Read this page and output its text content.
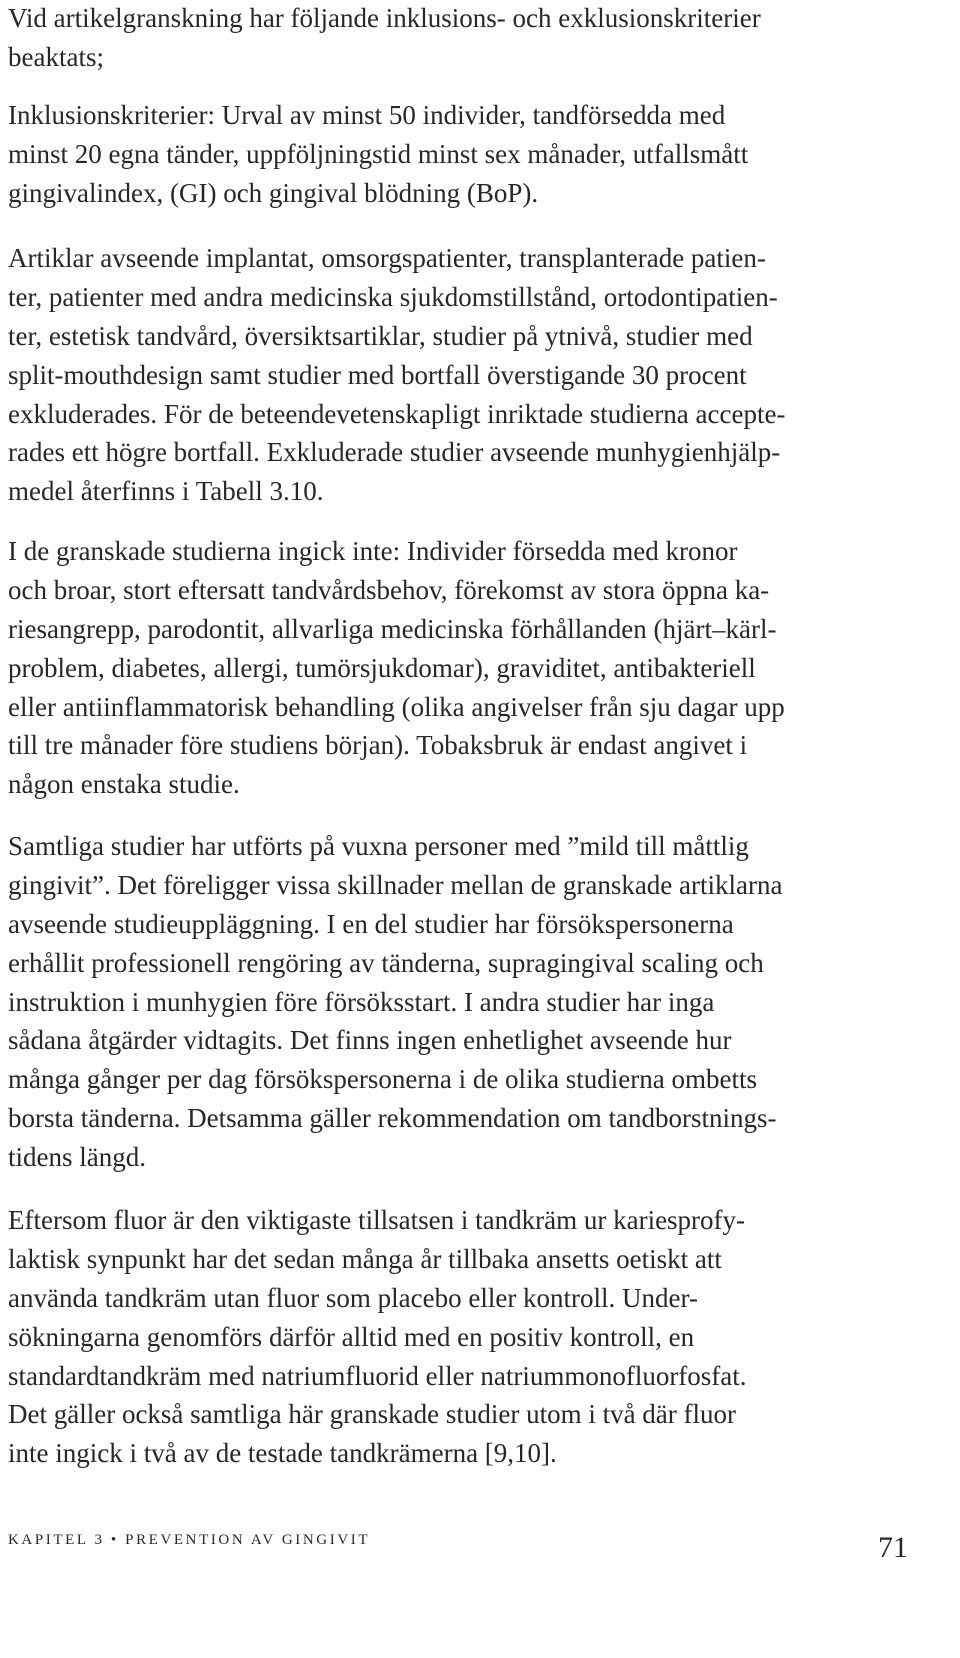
Vid artikelgranskning har följande inklusions- och exklusionskriterier
beaktats;
Inklusionskriterier: Urval av minst 50 individer, tandförsedda med
minst 20 egna tänder, uppföljningstid minst sex månader, utfallsmått
gingivalindex, (GI) och gingival blödning (BoP).
Artiklar avseende implantat, omsorgspatienter, transplanterade patien-
ter, patienter med andra medicinska sjukdomstillstånd, ortodontipatien-
ter, estetisk tandvård, översiktsartiklar, studier på ytnivå, studier med
split-mouthdesign samt studier med bortfall överstigande 30 procent
exkluderades. För de beteendevetenskapligt inriktade studierna accepte-
rades ett högre bortfall. Exkluderade studier avseende munhygienhjälp-
medel återfinns i Tabell 3.10.
I de granskade studierna ingick inte: Individer försedda med kronor
och broar, stort eftersatt tandvårdsbehov, förekomst av stora öppna ka-
riesangrepp, parodontit, allvarliga medicinska förhållanden (hjärt–kärl-
problem, diabetes, allergi, tumörsjukdomar), graviditet, antibakteriell
eller antiinflammatorisk behandling (olika angivelser från sju dagar upp
till tre månader före studiens början). Tobaksbruk är endast angivet i
någon enstaka studie.
Samtliga studier har utförts på vuxna personer med ”mild till måttlig
gingivit”. Det föreligger vissa skillnader mellan de granskade artiklarna
avseende studieuppläggning. I en del studier har försökspersonerna
erhållit professionell rengöring av tänderna, supragingival scaling och
instruktion i munhygien före försöksstart. I andra studier har inga
sådana åtgärder vidtagits. Det finns ingen enhetlighet avseende hur
många gånger per dag försökspersonerna i de olika studierna ombetts
borsta tänderna. Detsamma gäller rekommendation om tandborstnings-
tidens längd.
Eftersom fluor är den viktigaste tillsatsen i tandkräm ur kariesprofy-
laktisk synpunkt har det sedan många år tillbaka ansetts oetiskt att
använda tandkräm utan fluor som placebo eller kontroll. Under-
sökningarna genomförs därför alltid med en positiv kontroll, en
standardtandkräm med natriumfluorid eller natriummonofluorfosfat.
Det gäller också samtliga här granskade studier utom i två där fluor
inte ingick i två av de testade tandkrämerna [9,10].
KAPITEL 3 • PREVENTION AV GINGIVIT	71
